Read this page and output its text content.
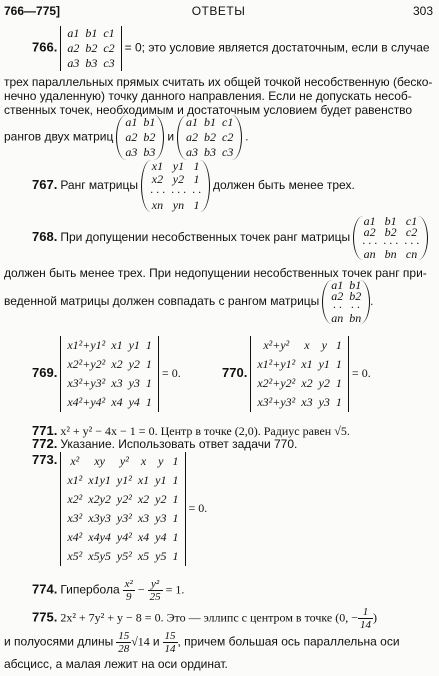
766—775]	ОТВЕТЫ	303
766.
a1	b1	c1
a2	b2	c2
a3	b3	c3
= 0; это условие является достаточным, если в случае
трех параллельных прямых считать их общей точкой несобственную (беско-
нечно удаленную) точку данного направления. Если не допускать несоб-
ственных точек, необходимым и достаточным условием будет равенство
рангов двух матриц
a1	b1
a2	b2
a3	b3
и
a1	b1	c1
a2	b2	c2
a3	b3	c3
.
767. Ранг матрицы
x1	y1	1
x2	y2	1
· · ·	· · ·	· ·
xn	yn	1
должен быть менее трех.
768. При допущении несобственных точек ранг матрицы
a1	b1	c1
a2	b2	c2
· · ·	· · ·	· · ·
an	bn	cn
должен быть менее трех. При недопущении несобственных точек ранг при-
веденной матрицы должен совпадать с рангом матрицы
a1	b1
a2	b2
· ·	· ·
an	bn
.
769.
x1²+y1²	x1	y1	1
x2²+y2²	x2	y2	1
x3²+y3²	x3	y3	1
x4²+y4²	x4	y4	1
= 0.	770.
x²+y²	x	y	1
x1²+y1²	x1	y1	1
x2²+y2²	x2	y2	1
x3²+y3²	x3	y3	1
= 0.
771. x² + y² − 4x − 1 = 0. Центр в точке (2,0). Радиус равен √5.
772. Указание. Использовать ответ задачи 770.
773. x²	xy	y²	x	y	1
x1²	x1y1	y1²	x1	y1	1
x2²	x2y2	y2²	x2	y2	1
x3²	x3y3	y3²	x3	y3	1
x4²	x4y4	y4²	x4	y4	1
x5²	x5y5	y5²	x5	y5	1
= 0.
774. Гипербола $\frac{\text{x²}}{9} - \frac{\text{y²}}{25} = 1$.
775. 2x² + 7y² + y − 8 = 0. Это — эллипс с центром в точке (0, − $\frac{1}{14}$ )
и полуосями длины $\frac{15}{28} √14$ и $\frac{15}{14}$ , причем большая ось параллельна оси
абсцисс, а малая лежит на оси ординат.
